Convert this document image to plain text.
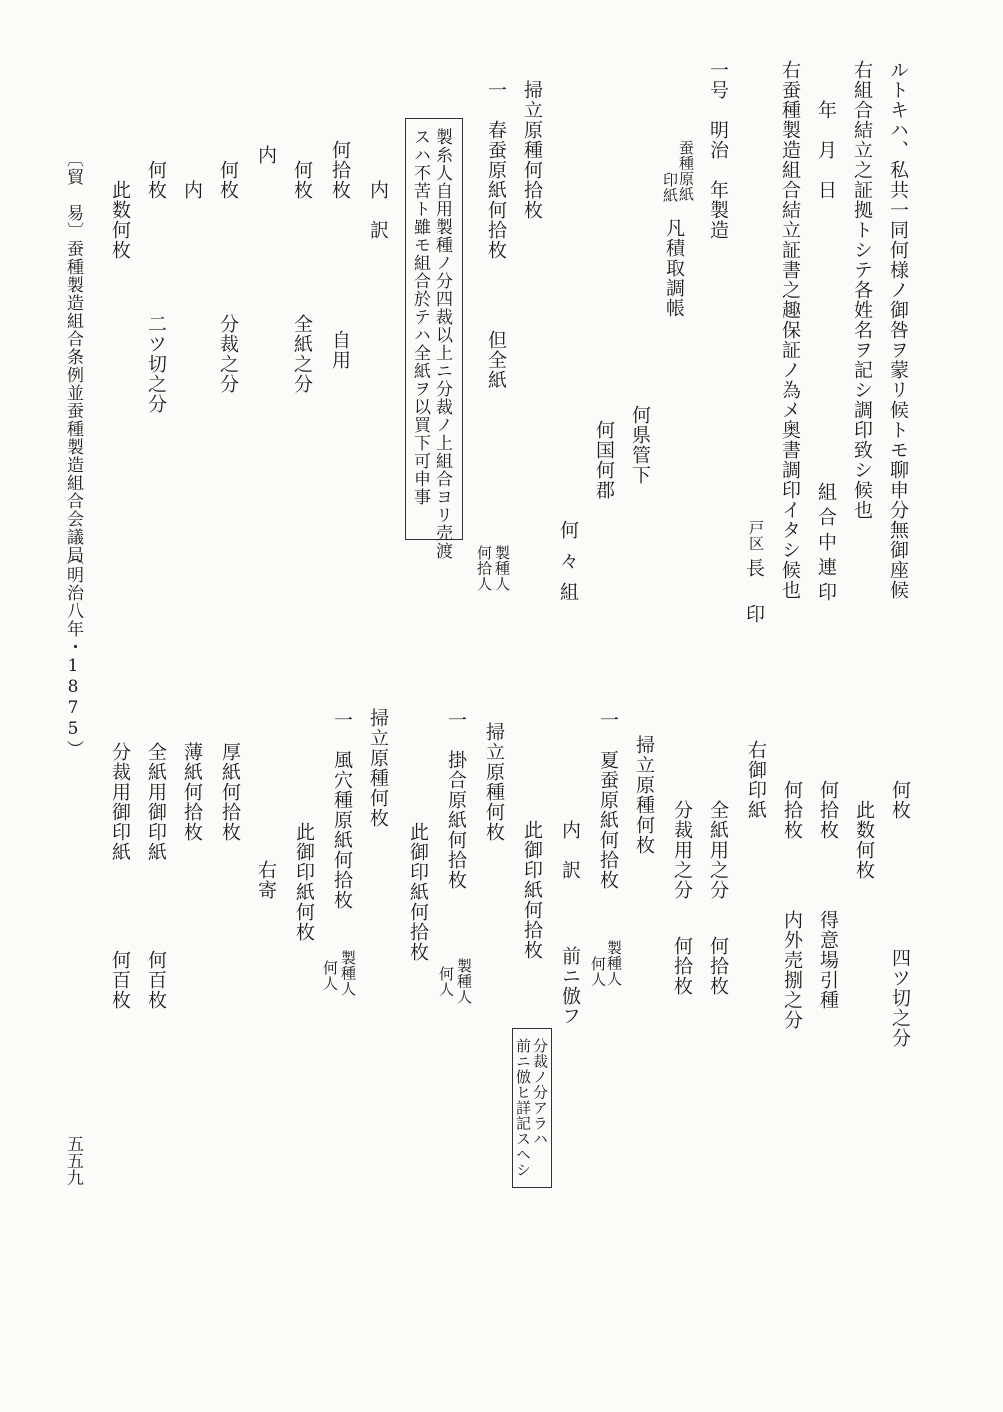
ルトキハ、私共一同何様ノ御咎ヲ蒙リ候トモ聊申分無御座候
右組合結立之証拠トシテ各姓名ヲ記シ調印致シ候也
年　月　日
組合中連印
右蚕種製造組合結立証書之趣保証ノ為メ奥書調印イタシ候也
戸区
長　印
一号　明治　年製造
蚕種原紙
印紙
凡積取調帳
何県管下
何国何郡
何々組
製種人
何拾人
掃立原種何拾枚
一　春蚕原紙何拾枚
但全紙
製糸人自用製種ノ分四裁以上ニ分裁ノ上組合ヨリ売渡
スハ不苦ト雖モ組合於テハ全紙ヲ以買下可申事
内　訳
何拾枚
自用
何枚
全紙之分
内
何枚
分裁之分
内
何枚
二ツ切之分
此数何枚
〔貿　易〕
蚕種製造組合条例並蚕種製造組合会議局
（明治八年・1875）
何枚
四ツ切之分
此数何枚
何拾枚
得意場引種
何拾枚
内外売捌之分
右御印紙
全紙用之分
何拾枚
分裁用之分
何拾枚
掃立原種何枚
一　夏蚕原紙何拾枚
製種人
何人
内　訳
前ニ倣フ
此御印紙何拾枚
分裁ノ分アラハ
前ニ倣ヒ詳記スヘシ
掃立原種何枚
一　掛合原紙何拾枚
製種人
何人
此御印紙何拾枚
掃立原種何枚
一　風穴種原紙何拾枚
製種人
何人
此御印紙何枚
右寄
厚紙何拾枚
薄紙何拾枚
全紙用御印紙
何百枚
分裁用御印紙
何百枚
五五九
